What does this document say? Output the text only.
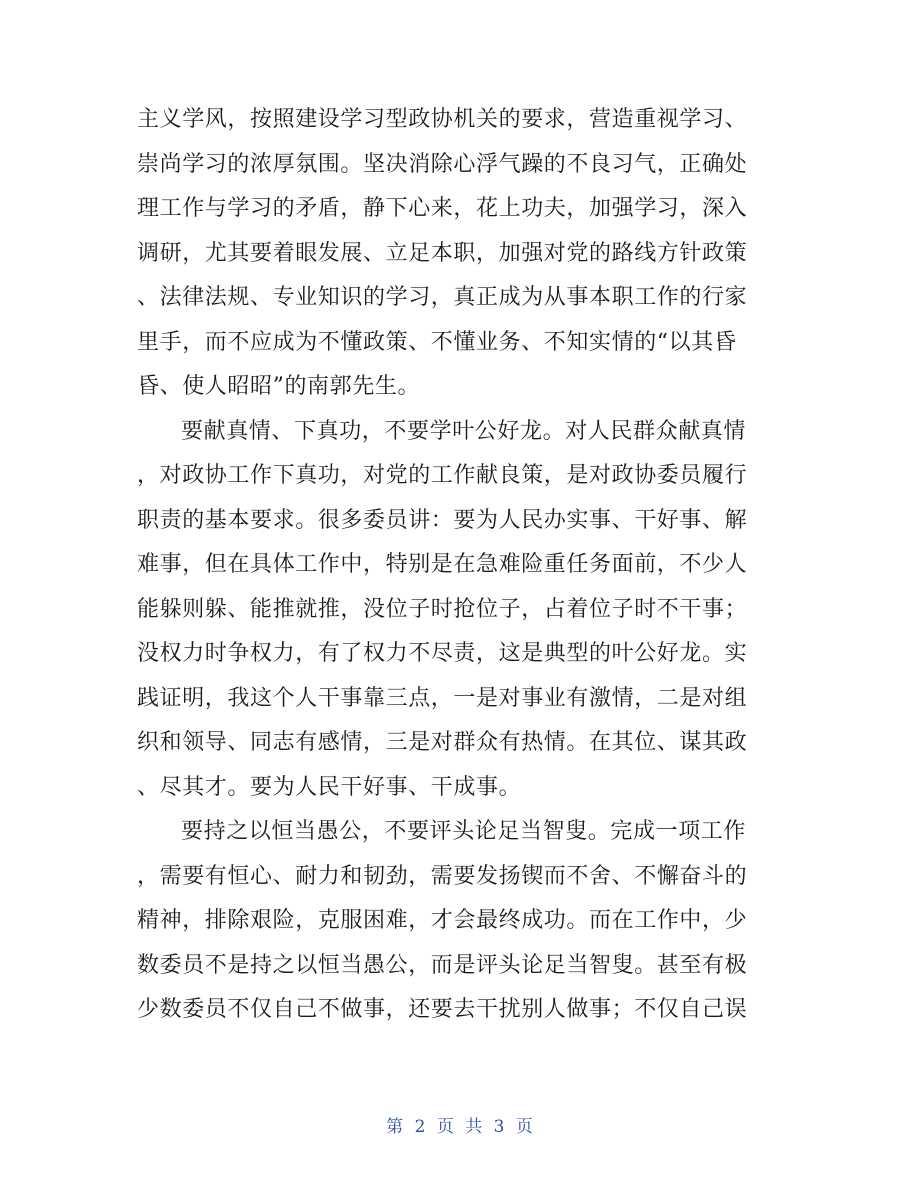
主义学风，按照建设学习型政协机关的要求，营造重视学习、
崇尚学习的浓厚氛围。坚决消除心浮气躁的不良习气，正确处
理工作与学习的矛盾，静下心来，花上功夫，加强学习，深入
调研，尤其要着眼发展、立足本职，加强对党的路线方针政策
、法律法规、专业知识的学习，真正成为从事本职工作的行家
里手，而不应成为不懂政策、不懂业务、不知实情的“以其昏
昏、使人昭昭”的南郭先生。
要献真情、下真功，不要学叶公好龙。对人民群众献真情
，对政协工作下真功，对党的工作献良策，是对政协委员履行
职责的基本要求。很多委员讲：要为人民办实事、干好事、解
难事，但在具体工作中，特别是在急难险重任务面前，不少人
能躲则躲、能推就推，没位子时抢位子，占着位子时不干事；
没权力时争权力，有了权力不尽责，这是典型的叶公好龙。实
践证明，我这个人干事靠三点，一是对事业有激情，二是对组
织和领导、同志有感情，三是对群众有热情。在其位、谋其政
、尽其才。要为人民干好事、干成事。
要持之以恒当愚公，不要评头论足当智叟。完成一项工作
，需要有恒心、耐力和韧劲，需要发扬锲而不舍、不懈奋斗的
精神，排除艰险，克服困难，才会最终成功。而在工作中，少
数委员不是持之以恒当愚公，而是评头论足当智叟。甚至有极
少数委员不仅自己不做事，还要去干扰别人做事；不仅自己误
第 2 页 共 3 页
